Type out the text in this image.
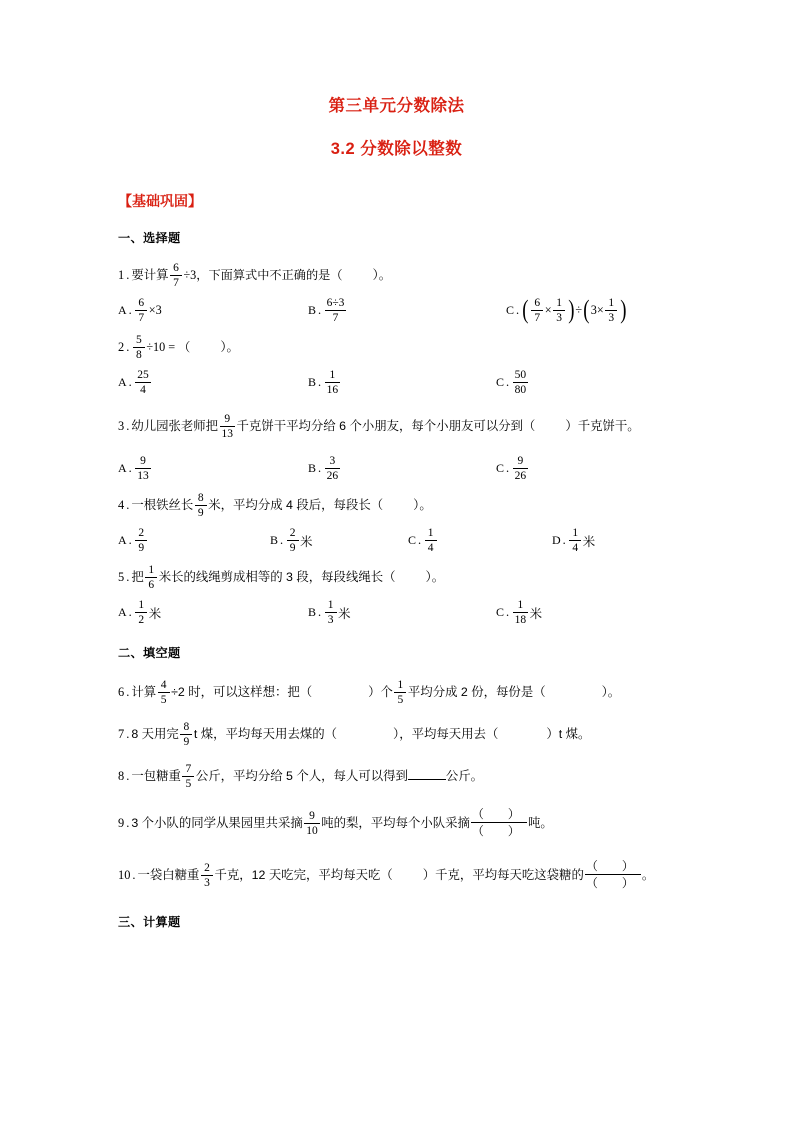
第三单元分数除法
3.2 分数除以整数
【基础巩固】
一、选择题
1 . 要计算 $\frac{6}{7} \div 3$，下面算式中不正确的是（ ）。
A . $\frac{6}{7} \times 3$	B . $\frac{6\div 3}{7}$	C . ( $\frac{6}{7} \times \frac{1}{3}$ ) ÷ ( $3\times \frac{1}{3}$ )
2 . $\frac{5}{8} \div 10$ = （ ）。
A . $\frac{25}{4}$	B . $\frac{1}{16}$	C . $\frac{50}{80}$
3 . 幼儿园张老师把 $\frac{9}{13}$ 千克饼干平均分给 6 个小朋友，每个小朋友可以分到（ ）千克饼干。
A . $\frac{9}{13}$	B . $\frac{3}{26}$	C . $\frac{9}{26}$
4 . 一根铁丝长 $\frac{8}{9}$ 米，平均分成 4 段后，每段长（ ）。
A . $\frac{2}{9}$	B . $\frac{2}{9}$ 米	C . $\frac{1}{4}$	D . $\frac{1}{4}$ 米
5 . 把 $\frac{1}{6}$ 米长的线绳剪成相等的 3 段，每段线绳长（ ）。
A . $\frac{1}{2}$ 米	B . $\frac{1}{3}$ 米	C . $\frac{1}{18}$ 米
二、填空题
6 . 计算 $\frac{4}{5} \div 2$ 时，可以这样想：把（	）个 $\frac{1}{5}$ 平均分成 2 份，每份是（	）。
7 . 8 天用完 $\frac{8}{9}$ t 煤，平均每天用去煤的（	），平均每天用去（	）t 煤。
8 . 一包糖重 $\frac{7}{5}$ 公斤，平均分给 5 个人，每人可以得到	公斤。
9 . 3 个小队的同学从果园里共采摘 $\frac{9}{10}$ 吨的梨，平均每个小队采摘 $\frac{( )}{( )}$ 吨。
10 . 一袋白糖重 $\frac{2}{3}$ 千克，12 天吃完，平均每天吃（ ）千克，平均每天吃这袋糖的 $\frac{( )}{( )}$ 。
三、计算题
